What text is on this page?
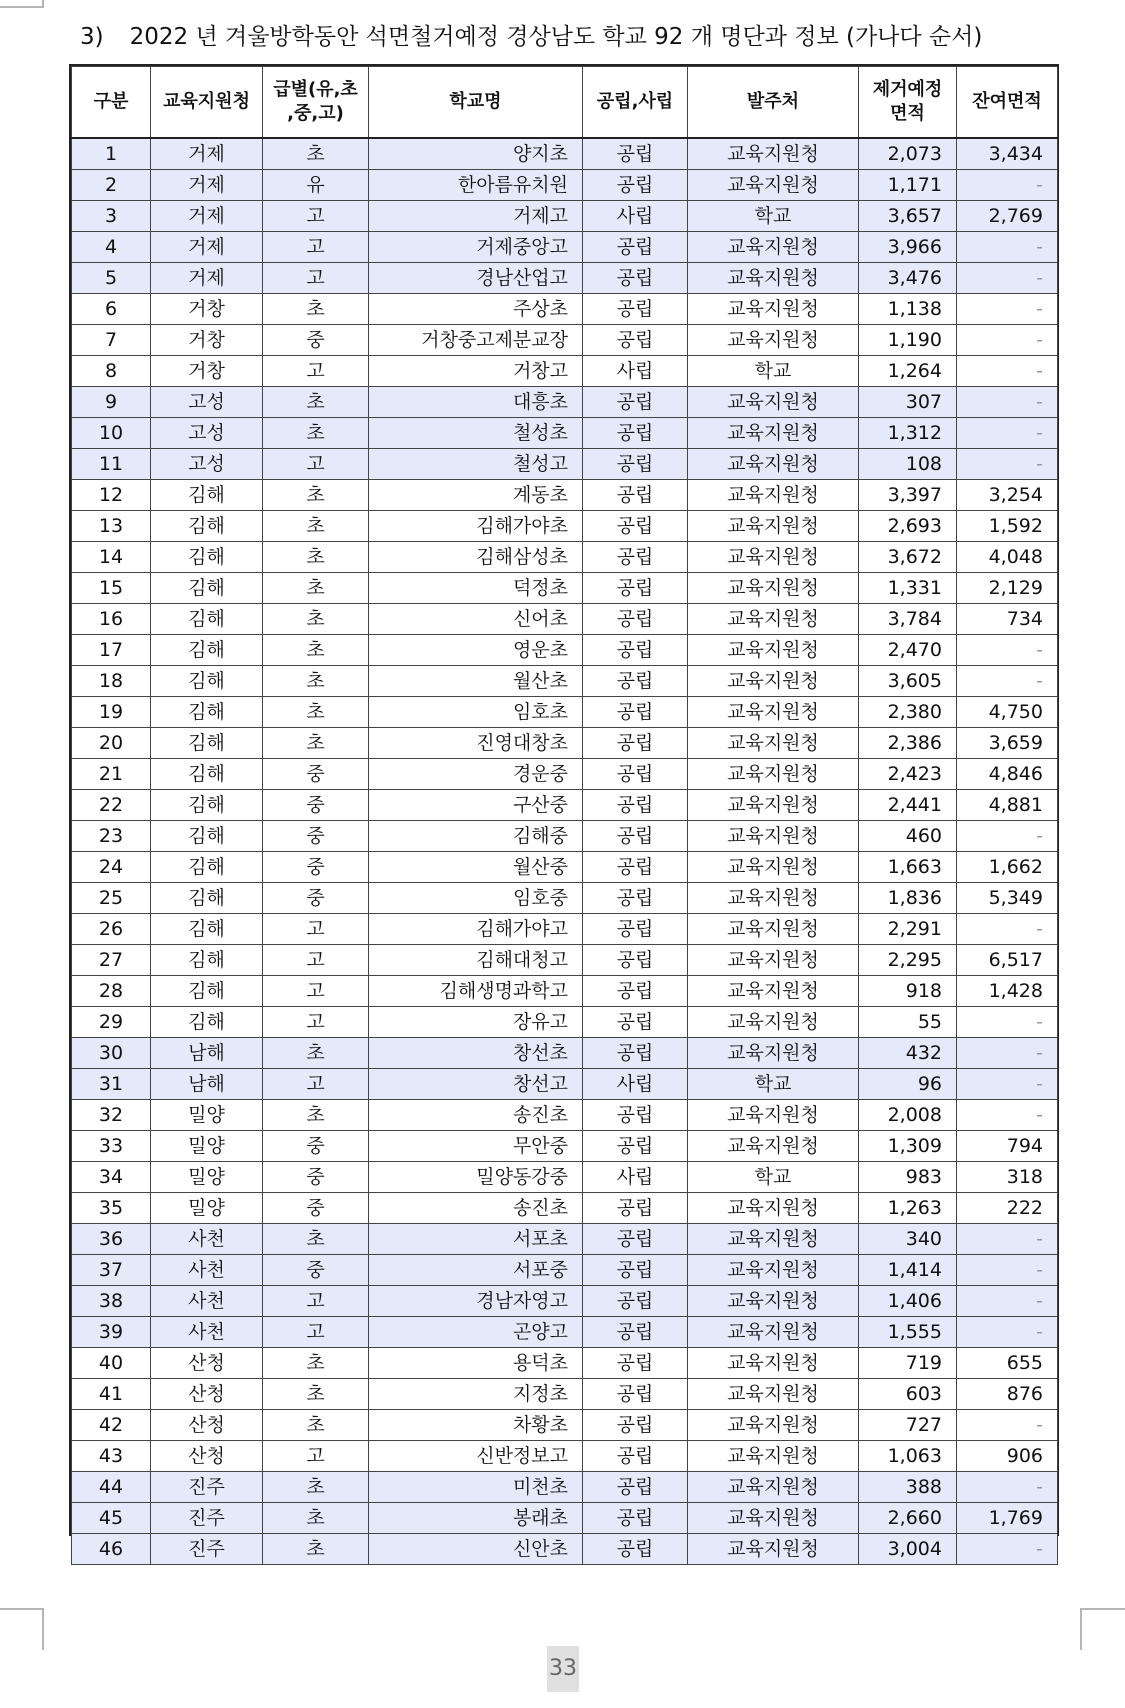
3) 2022 년 겨울방학동안 석면철거예정 경상남도 학교 92 개 명단과 정보 (가나다 순서)
구분	교육지원청	급별(유,초
,중,고)	학교명	공립,사립	발주처	제거예정
면적	잔여면적
1	거제	초	양지초	공립	교육지원청	2,073	3,434
2	거제	유	한아름유치원	공립	교육지원청	1,171	-
3	거제	고	거제고	사립	학교	3,657	2,769
4	거제	고	거제중앙고	공립	교육지원청	3,966	-
5	거제	고	경남산업고	공립	교육지원청	3,476	-
6	거창	초	주상초	공립	교육지원청	1,138	-
7	거창	중	거창중고제분교장	공립	교육지원청	1,190	-
8	거창	고	거창고	사립	학교	1,264	-
9	고성	초	대흥초	공립	교육지원청	307	-
10	고성	초	철성초	공립	교육지원청	1,312	-
11	고성	고	철성고	공립	교육지원청	108	-
12	김해	초	계동초	공립	교육지원청	3,397	3,254
13	김해	초	김해가야초	공립	교육지원청	2,693	1,592
14	김해	초	김해삼성초	공립	교육지원청	3,672	4,048
15	김해	초	덕정초	공립	교육지원청	1,331	2,129
16	김해	초	신어초	공립	교육지원청	3,784	734
17	김해	초	영운초	공립	교육지원청	2,470	-
18	김해	초	월산초	공립	교육지원청	3,605	-
19	김해	초	임호초	공립	교육지원청	2,380	4,750
20	김해	초	진영대창초	공립	교육지원청	2,386	3,659
21	김해	중	경운중	공립	교육지원청	2,423	4,846
22	김해	중	구산중	공립	교육지원청	2,441	4,881
23	김해	중	김해중	공립	교육지원청	460	-
24	김해	중	월산중	공립	교육지원청	1,663	1,662
25	김해	중	임호중	공립	교육지원청	1,836	5,349
26	김해	고	김해가야고	공립	교육지원청	2,291	-
27	김해	고	김해대청고	공립	교육지원청	2,295	6,517
28	김해	고	김해생명과학고	공립	교육지원청	918	1,428
29	김해	고	장유고	공립	교육지원청	55	-
30	남해	초	창선초	공립	교육지원청	432	-
31	남해	고	창선고	사립	학교	96	-
32	밀양	초	송진초	공립	교육지원청	2,008	-
33	밀양	중	무안중	공립	교육지원청	1,309	794
34	밀양	중	밀양동강중	사립	학교	983	318
35	밀양	중	송진초	공립	교육지원청	1,263	222
36	사천	초	서포초	공립	교육지원청	340	-
37	사천	중	서포중	공립	교육지원청	1,414	-
38	사천	고	경남자영고	공립	교육지원청	1,406	-
39	사천	고	곤양고	공립	교육지원청	1,555	-
40	산청	초	용덕초	공립	교육지원청	719	655
41	산청	초	지정초	공립	교육지원청	603	876
42	산청	초	차황초	공립	교육지원청	727	-
43	산청	고	신반정보고	공립	교육지원청	1,063	906
44	진주	초	미천초	공립	교육지원청	388	-
45	진주	초	봉래초	공립	교육지원청	2,660	1,769
46	진주	초	신안초	공립	교육지원청	3,004	-
33
